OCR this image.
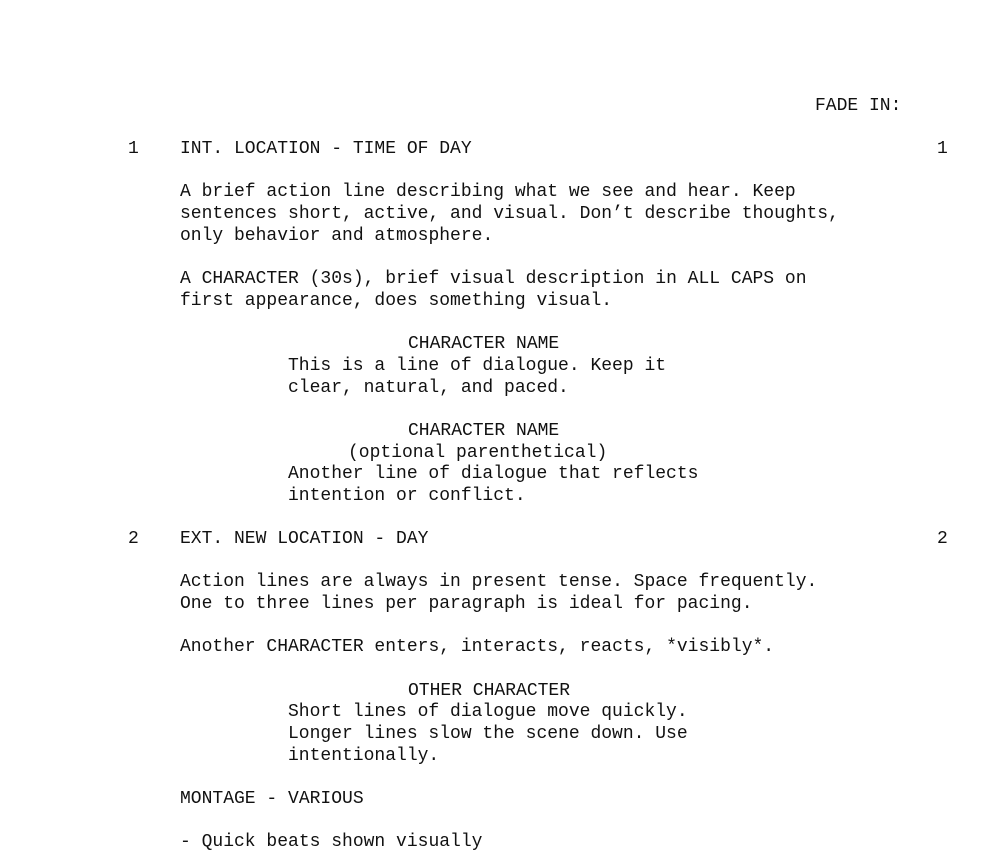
FADE IN:

1 INT. LOCATION - TIME OF DAY	1

A brief action line describing what we see and hear. Keep

sentences short, active, and visual. Don’t describe thoughts,

only behavior and atmosphere.

A CHARACTER (30s), brief visual description in ALL CAPS on

first appearance, does something visual.

CHARACTER NAME

This is a line of dialogue. Keep it

clear, natural, and paced.

CHARACTER NAME

(optional parenthetical)

Another line of dialogue that reflects

intention or conflict.

2 EXT. NEW LOCATION - DAY	2

Action lines are always in present tense. Space frequently.

One to three lines per paragraph is ideal for pacing.

Another CHARACTER enters, interacts, reacts, *visibly*.

OTHER CHARACTER

Short lines of dialogue move quickly.

Longer lines slow the scene down. Use

intentionally.

MONTAGE - VARIOUS

- Quick beats shown visually
